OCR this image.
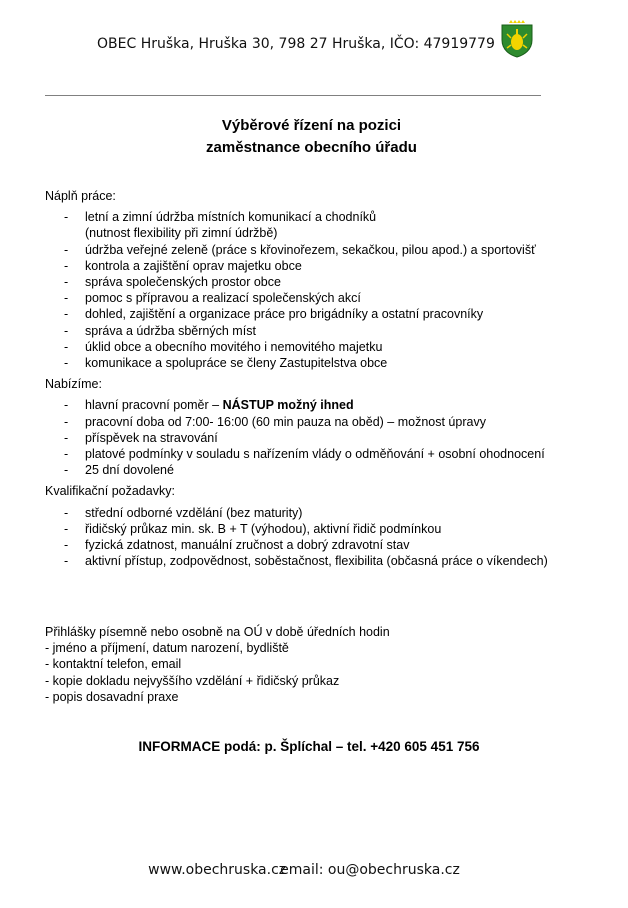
OBEC Hruška, Hruška 30, 798 27 Hruška, IČO: 47919779
Výběrové řízení na pozici
zaměstnance obecního úřadu
Náplň práce:
- letní a zimní údržba místních komunikací a chodníků
(nutnost flexibility při zimní údržbě)
- údržba veřejné zeleně (práce s křovinořezem, sekačkou, pilou apod.) a sportovišť
- kontrola a zajištění oprav majetku obce
- správa společenských prostor obce
- pomoc s přípravou a realizací společenských akcí
- dohled, zajištění a organizace práce pro brigádníky a ostatní pracovníky
- správa a údržba sběrných míst
- úklid obce a obecního movitého i nemovitého majetku
- komunikace a spolupráce se členy Zastupitelstva obce
Nabízíme:
- hlavní pracovní poměr – NÁSTUP možný ihned
- pracovní doba od 7:00- 16:00 (60 min pauza na oběd) – možnost úpravy
- příspěvek na stravování
- platové podmínky v souladu s nařízením vlády o odměňování + osobní ohodnocení
- 25 dní dovolené
Kvalifikační požadavky:
- střední odborné vzdělání (bez maturity)
- řidičský průkaz min. sk. B + T (výhodou), aktivní řidič podmínkou
- fyzická zdatnost, manuální zručnost a dobrý zdravotní stav
- aktivní přístup, zodpovědnost, soběstačnost, flexibilita (občasná práce o víkendech)
Přihlášky písemně nebo osobně na OÚ v době úředních hodin
- jméno a příjmení, datum narození, bydliště
- kontaktní telefon, email
- kopie dokladu nejvyššího vzdělání + řidičský průkaz
- popis dosavadní praxe
INFORMACE podá: p. Šplíchal – tel. +420 605 451 756
www.obechruska.czemail: ou@obechruska.cz
